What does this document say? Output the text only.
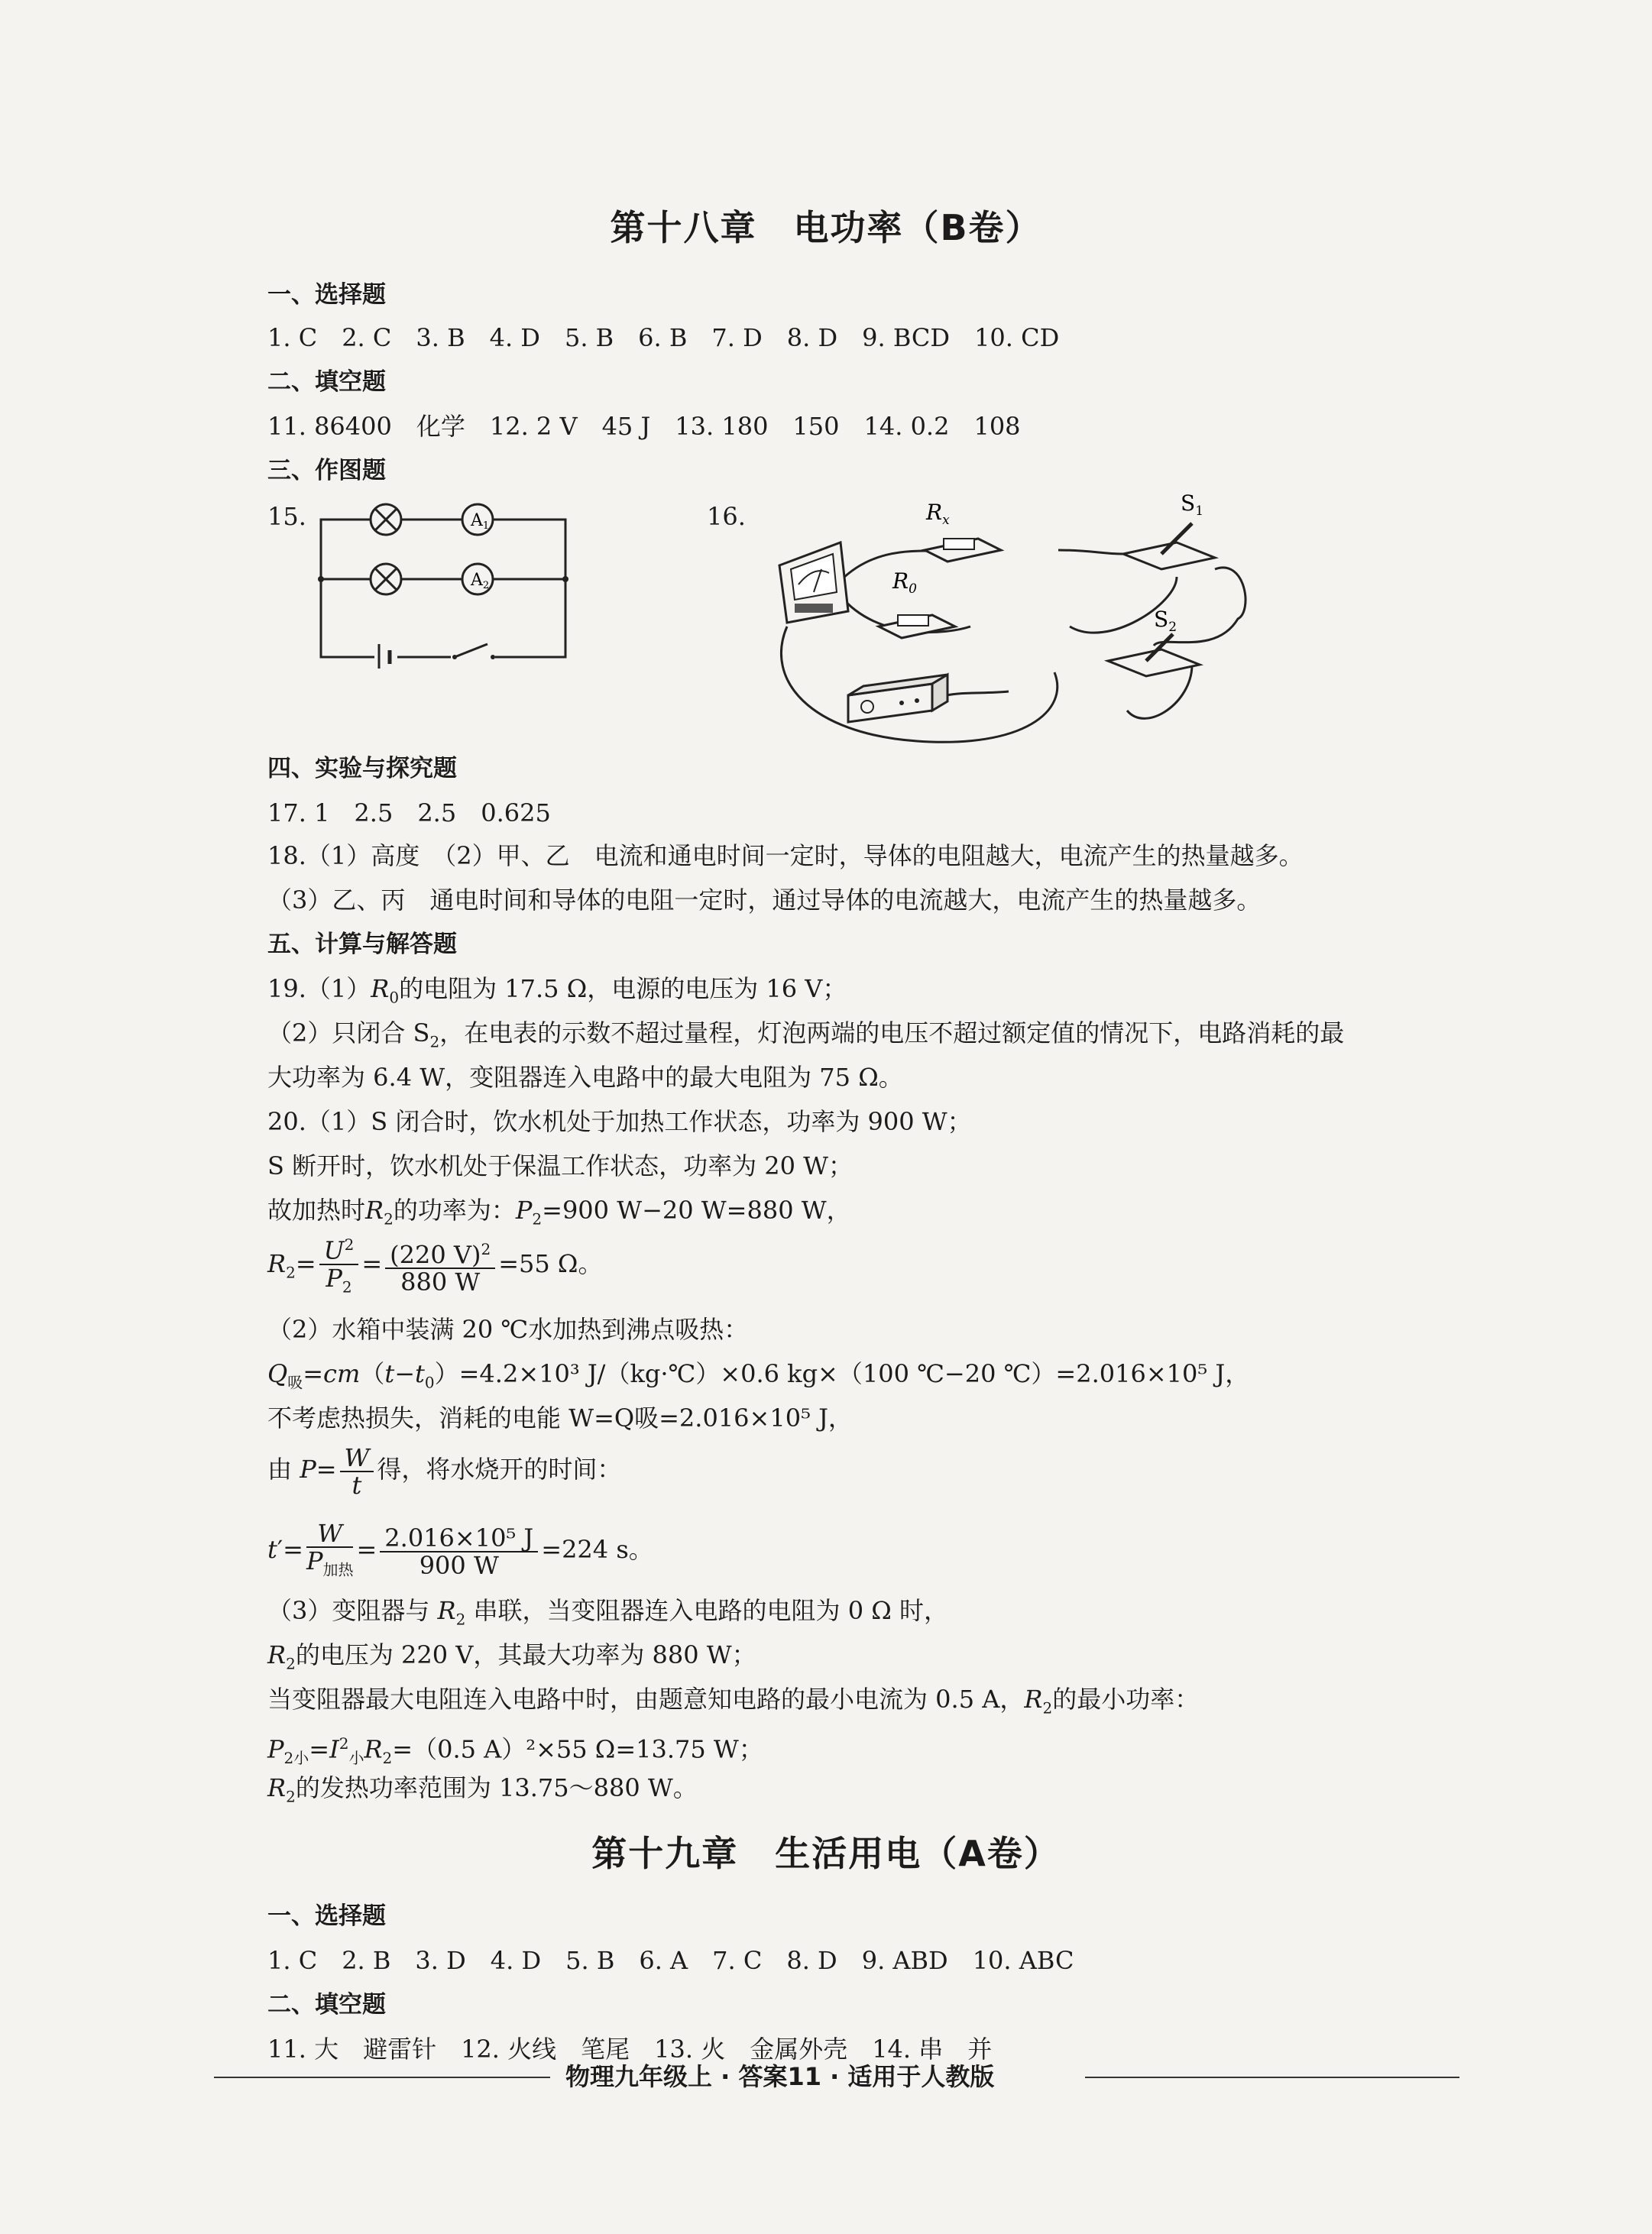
第十八章　电功率（B卷）
一、选择题
1. C　2. C　3. B　4. D　5. B　6. B　7. D　8. D　9. BCD　10. CD
二、填空题
11. 86400　化学　12. 2 V　45 J　13. 180　150　14. 0.2　108
三、作图题
15.	A1
A2
16.	$R_x$
$R_0$
$S_1$
$S_2$
四、实验与探究题
17. 1　2.5　2.5　0.625
18.（1）高度　（2）甲、乙　电流和通电时间一定时，导体的电阻越大，电流产生的热量越多。
（3）乙、丙　通电时间和导体的电阻一定时，通过导体的电流越大，电流产生的热量越多。
五、计算与解答题
$19.(1)R_0$的电阻为 17.5 Ω，电源的电压为 16 V；
（2）只闭合 $S_2$，在电表的示数不超过量程，灯泡两端的电压不超过额定值的情况下，电路消耗的最
大功率为 6.4 W，变阻器连入电路中的最大电阻为 75 Ω。
20.（1）S 闭合时，饮水机处于加热工作状态，功率为 900 W；
S 断开时，饮水机处于保温工作状态，功率为 20 W；
故加热时$R_2$的功率为：$P_2=900$ W−20 W=880 W，
$R_2= \frac{U^2}{P_2} = \frac{(220 V)^2}{880 W} =55$ Ω。
（2）水箱中装满 20 ℃水加热到沸点吸热：
$Q_吸=cm(t-t_0)=4.2\times 10^3$ J/（kg·℃）×0.6 kg×（100 ℃−20 ℃）=2.016×10⁵ J，
不考虑热损失，消耗的电能 W=Q吸=2.016×10⁵ J，
由 $P= \frac{W}{t}$ 得，将水烧开的时间：
$t'= \frac{W}{P_{加热}} = \frac{\text{2.016×10⁵ J}}{900 W} =224$ s。
（3）变阻器与 $R_2$ 串联，当变阻器连入电路的电阻为 0 Ω 时，
$R_2$的电压为 220 V，其最大功率为 880 W；
当变阻器最大电阻连入电路中时，由题意知电路的最小电流为 0.5 A，$R_2$的最小功率：
$P_{2小}=I^2_小R_2=(0.5$ A）²×55 Ω=13.75 W；
$R_2$的发热功率范围为 13.75～880 W。
第十九章　生活用电（A卷）
一、选择题
1. C　2. B　3. D　4. D　5. B　6. A　7. C　8. D　9. ABD　10. ABC
二、填空题
11. 大　避雷针　12. 火线　笔尾　13. 火　金属外壳　14. 串　并
物理九年级上 · 答案11 · 适用于人教版
